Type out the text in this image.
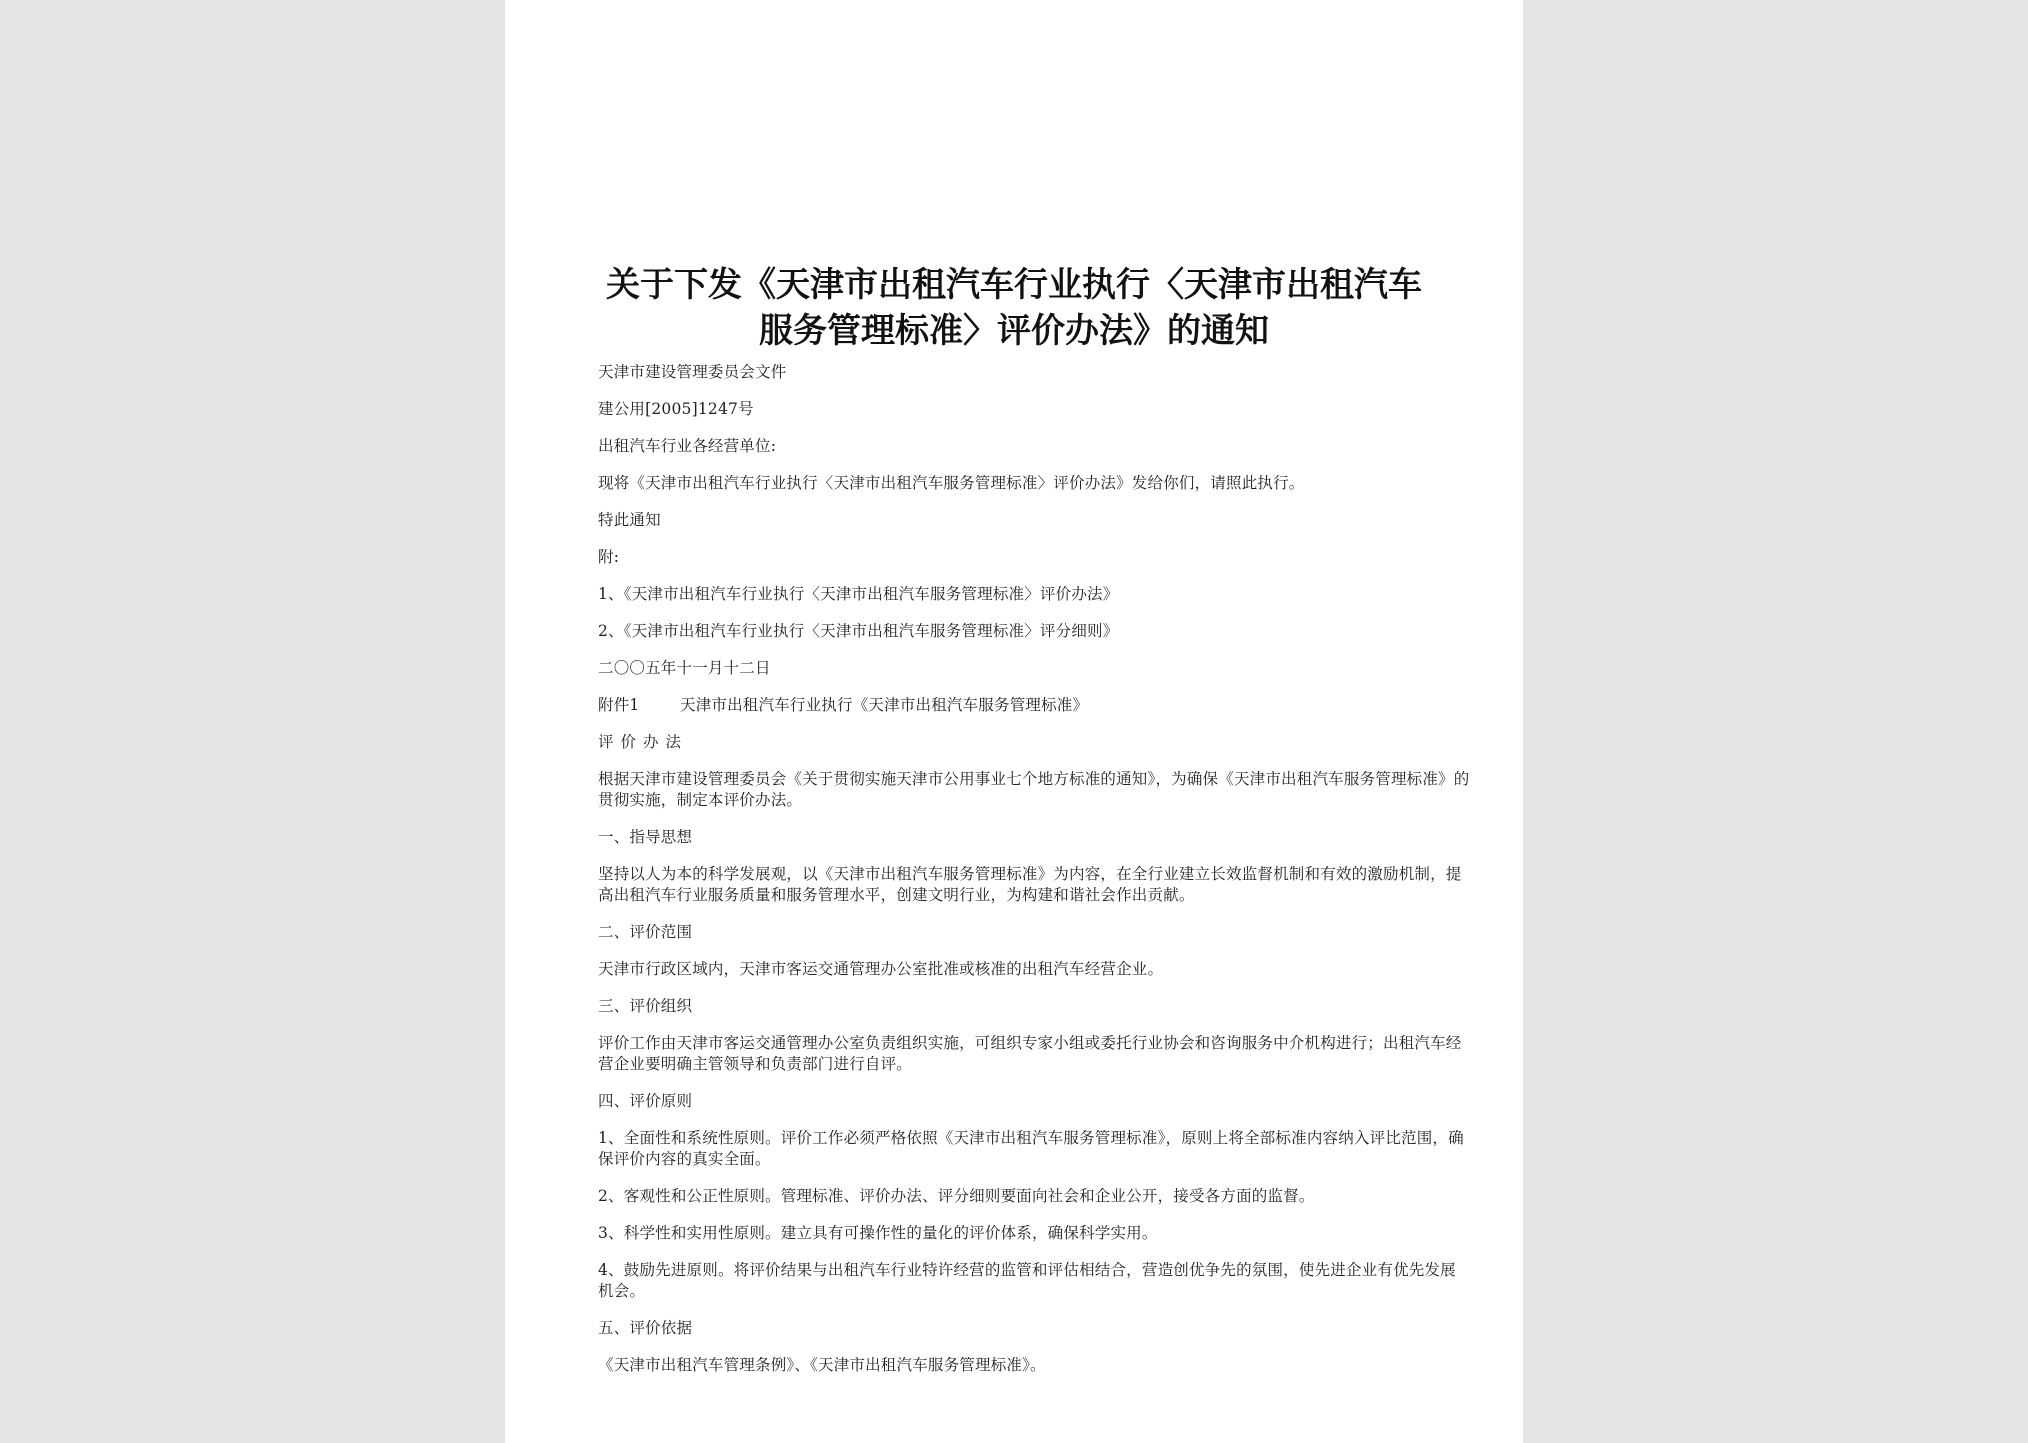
关于下发《天津市出租汽车行业执行〈天津市出租汽车
服务管理标准〉评价办法》的通知

天津市建设管理委员会文件

建公用[2005]1247号

出租汽车行业各经营单位:

现将《天津市出租汽车行业执行〈天津市出租汽车服务管理标准〉评价办法》发给你们，请照此执行。

特此通知

附:

1、《天津市出租汽车行业执行〈天津市出租汽车服务管理标准〉评价办法》

2、《天津市出租汽车行业执行〈天津市出租汽车服务管理标准〉评分细则》

二〇〇五年十一月十二日

附件1	天津市出租汽车行业执行《天津市出租汽车服务管理标准》

评价办法

根据天津市建设管理委员会《关于贯彻实施天津市公用事业七个地方标准的通知》，为确保《天津市出租汽车服务管理标准》的贯彻实施，制定本评价办法。

一、指导思想

坚持以人为本的科学发展观，以《天津市出租汽车服务管理标准》为内容，在全行业建立长效监督机制和有效的激励机制，提高出租汽车行业服务质量和服务管理水平，创建文明行业，为构建和谐社会作出贡献。

二、评价范围

天津市行政区域内，天津市客运交通管理办公室批准或核准的出租汽车经营企业。

三、评价组织

评价工作由天津市客运交通管理办公室负责组织实施，可组织专家小组或委托行业协会和咨询服务中介机构进行；出租汽车经营企业要明确主管领导和负责部门进行自评。

四、评价原则

1、全面性和系统性原则。评价工作必须严格依照《天津市出租汽车服务管理标准》，原则上将全部标准内容纳入评比范围，确保评价内容的真实全面。

2、客观性和公正性原则。管理标准、评价办法、评分细则要面向社会和企业公开，接受各方面的监督。

3、科学性和实用性原则。建立具有可操作性的量化的评价体系，确保科学实用。

4、鼓励先进原则。将评价结果与出租汽车行业特许经营的监管和评估相结合，营造创优争先的氛围，使先进企业有优先发展机会。

五、评价依据

《天津市出租汽车管理条例》、《天津市出租汽车服务管理标准》。
